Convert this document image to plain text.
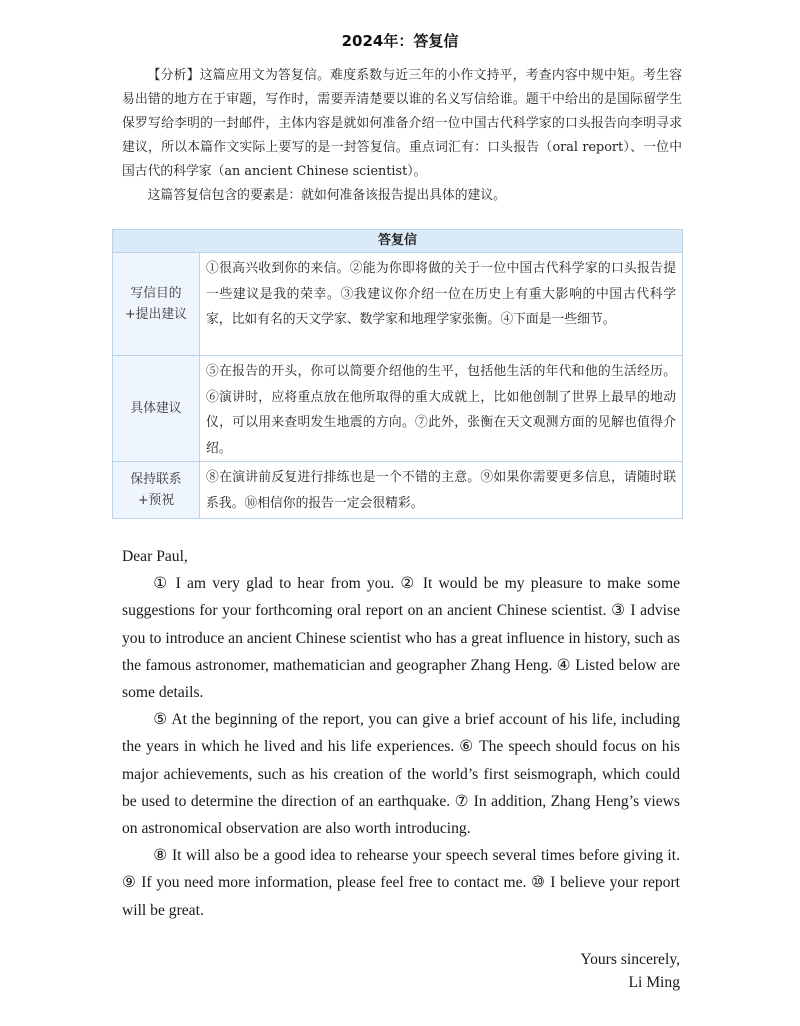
2024年：答复信

【分析】这篇应用文为答复信。难度系数与近三年的小作文持平，考查内容中规中矩。考生容易出错的地方在于审题，写作时，需要弄清楚要以谁的名义写信给谁。题干中给出的是国际留学生保罗写给李明的一封邮件，主体内容是就如何准备介绍一位中国古代科学家的口头报告向李明寻求建议，所以本篇作文实际上要写的是一封答复信。重点词汇有：口头报告（oral report）、一位中国古代的科学家（an ancient Chinese scientist）。

这篇答复信包含的要素是：就如何准备该报告提出具体的建议。

答复信
写信目的
+提出建议
①很高兴收到你的来信。②能为你即将做的关于一位中国古代科学家的口头报告提一些建议是我的荣幸。③我建议你介绍一位在历史上有重大影响的中国古代科学家，比如有名的天文学家、数学家和地理学家张衡。④下面是一些细节。
具体建议
⑤在报告的开头，你可以简要介绍他的生平，包括他生活的年代和他的生活经历。⑥演讲时，应将重点放在他所取得的重大成就上，比如他创制了世界上最早的地动仪，可以用来查明发生地震的方向。⑦此外，张衡在天文观测方面的见解也值得介绍。
保持联系
+预祝
⑧在演讲前反复进行排练也是一个不错的主意。⑨如果你需要更多信息，请随时联系我。⑩相信你的报告一定会很精彩。

Dear Paul,

① I am very glad to hear from you. ② It would be my pleasure to make some suggestions for your forthcoming oral report on an ancient Chinese scientist. ③ I advise you to introduce an ancient Chinese scientist who has a great influence in history, such as the famous astronomer, mathematician and geographer Zhang Heng. ④ Listed below are some details.

⑤ At the beginning of the report, you can give a brief account of his life, including the years in which he lived and his life experiences. ⑥ The speech should focus on his major achievements, such as his creation of the world’s first seismograph, which could be used to determine the direction of an earthquake. ⑦ In addition, Zhang Heng’s views on astronomical observation are also worth introducing.

⑧ It will also be a good idea to rehearse your speech several times before giving it. ⑨ If you need more information, please feel free to contact me. ⑩ I believe your report will be great.

Yours sincerely,
Li Ming
